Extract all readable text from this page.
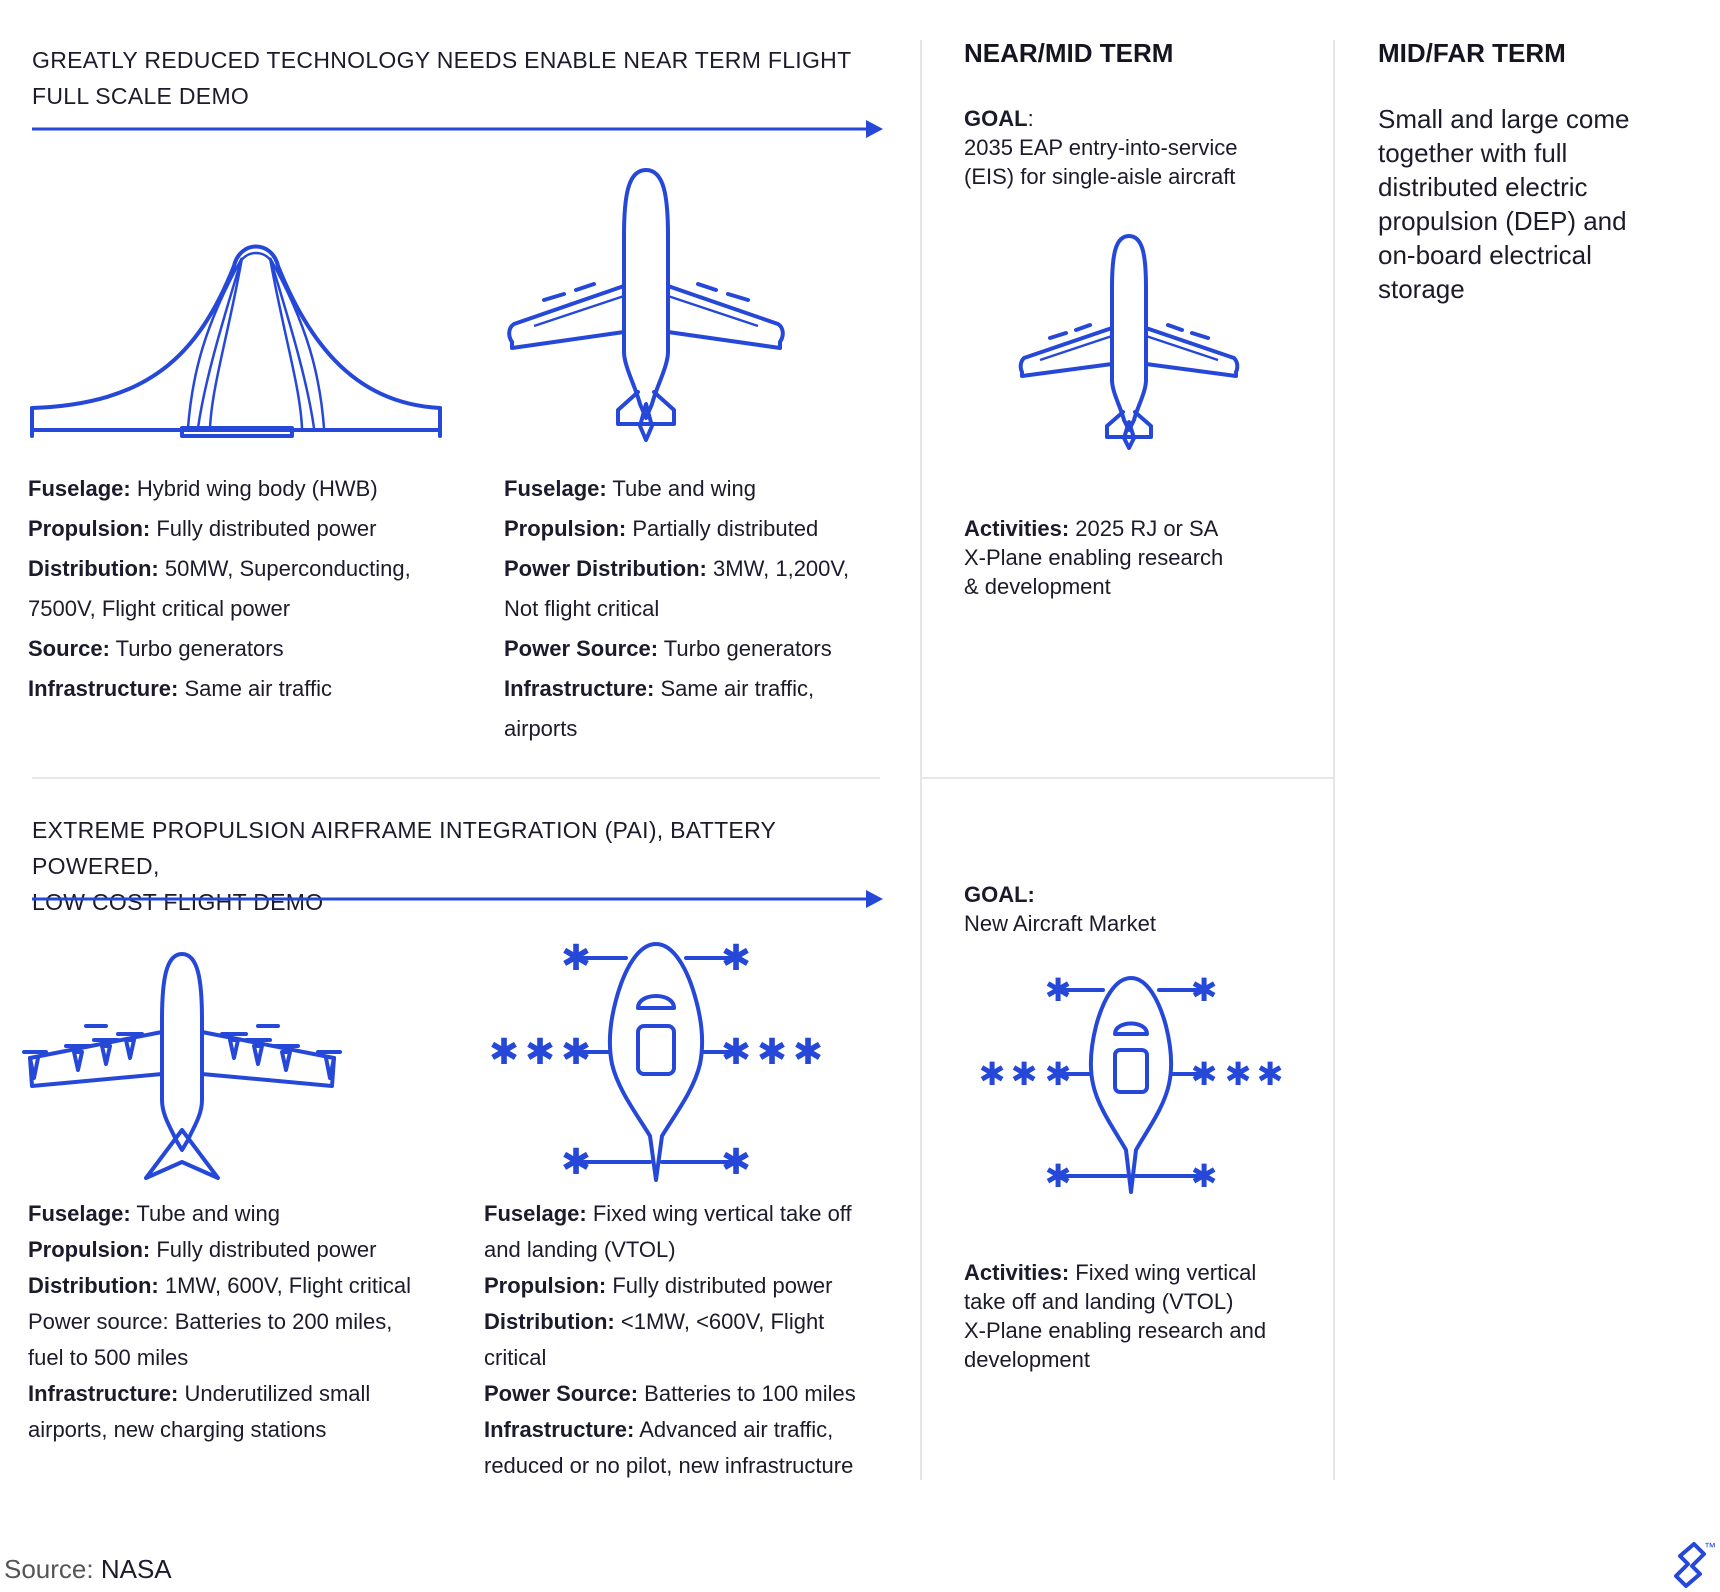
GREATLY REDUCED TECHNOLOGY NEEDS ENABLE NEAR TERM FLIGHT
FULL SCALE DEMO
Fuselage: Hybrid wing body (HWB)
Propulsion: Fully distributed power
Distribution: 50MW, Superconducting,
7500V, Flight critical power
Source: Turbo generators
Infrastructure: Same air traffic
Fuselage: Tube and wing
Propulsion: Partially distributed
Power Distribution: 3MW, 1,200V,
Not flight critical
Power Source: Turbo generators
Infrastructure: Same air traffic,
airports
EXTREME PROPULSION AIRFRAME INTEGRATION (PAI), BATTERY POWERED,
LOW COST FLIGHT DEMO
✱	✱
✱
✱
✱	✱ ✱ ✱
✱	✱
Fuselage: Tube and wing
Propulsion: Fully distributed power
Distribution: 1MW, 600V, Flight critical
Power source: Batteries to 200 miles,
fuel to 500 miles
Infrastructure: Underutilized small
airports, new charging stations
Fuselage: Fixed wing vertical take off
and landing (VTOL)
Propulsion: Fully distributed power
Distribution: <1MW, <600V, Flight
critical
Power Source: Batteries to 100 miles
Infrastructure: Advanced air traffic,
reduced or no pilot, new infrastructure
NEAR/MID TERM
GOAL:
2035 EAP entry-into-service
(EIS) for single-aisle aircraft
Activities: 2025 RJ or SA
X-Plane enabling research
& development
GOAL:
New Aircraft Market
✱	✱
✱
✱
✱	✱ ✱ ✱
✱	✱
Activities: Fixed wing vertical
take off and landing (VTOL)
X-Plane enabling research and
development
MID/FAR TERM
Small and large come
together with full
distributed electric
propulsion (DEP) and
on-board electrical
storage
Source: NASA
™
